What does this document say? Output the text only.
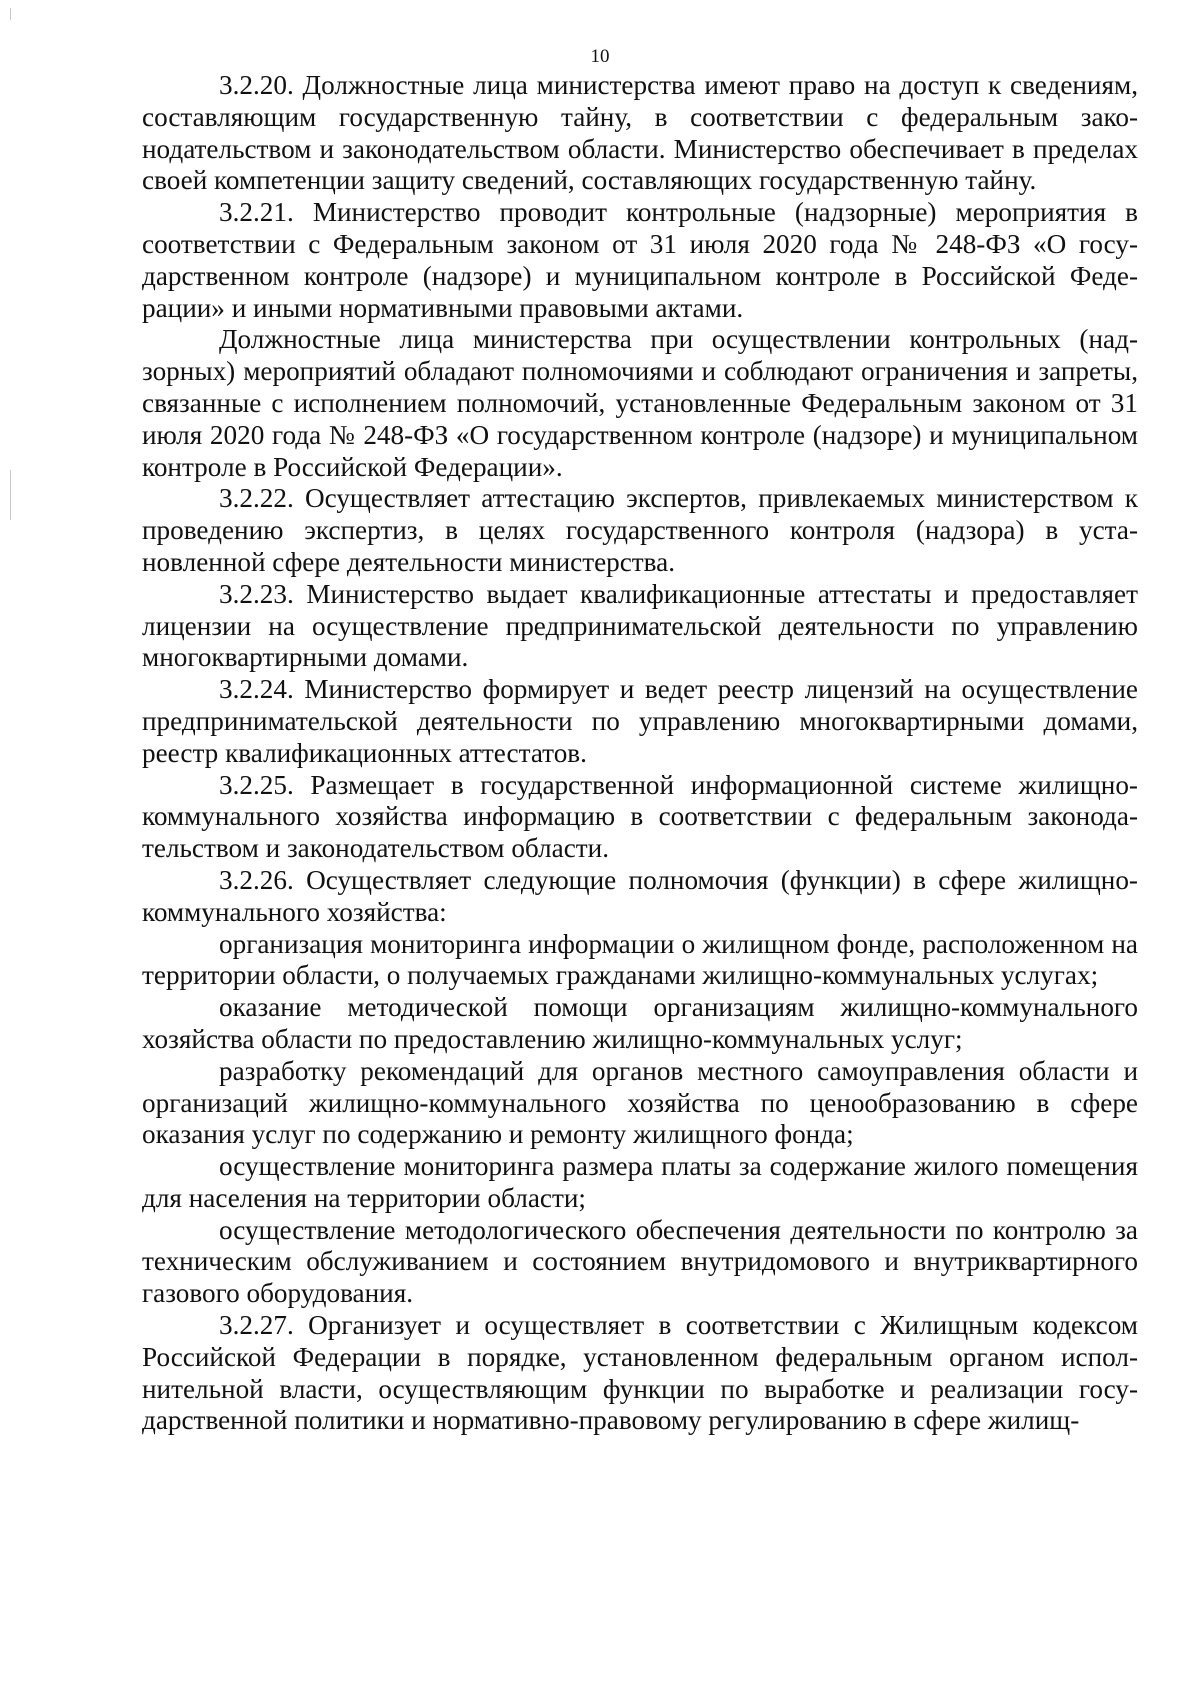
10

3.2.20. Должностные лица министерства имеют право на доступ к сведениям, составляющим государственную тайну, в соответствии с федеральным законодательством и законодательством области. Министерство обеспечивает в пределах своей компетенции защиту сведений, составляющих государственную тайну.

3.2.21. Министерство проводит контрольные (надзорные) мероприятия в соответствии с Федеральным законом от 31 июля 2020 года № 248-ФЗ «О государственном контроле (надзоре) и муниципальном контроле в Российской Федерации» и иными нормативными правовыми актами.

Должностные лица министерства при осуществлении контрольных (надзорных) мероприятий обладают полномочиями и соблюдают ограничения и запреты, связанные с исполнением полномочий, установленные Федеральным законом от 31 июля 2020 года № 248-ФЗ «О государственном контроле (надзоре) и муниципальном контроле в Российской Федерации».

3.2.22. Осуществляет аттестацию экспертов, привлекаемых министерством к проведению экспертиз, в целях государственного контроля (надзора) в установленной сфере деятельности министерства.

3.2.23. Министерство выдает квалификационные аттестаты и предоставляет лицензии на осуществление предпринимательской деятельности по управлению многоквартирными домами.

3.2.24. Министерство формирует и ведет реестр лицензий на осуществление предпринимательской деятельности по управлению многоквартирными домами, реестр квалификационных аттестатов.

3.2.25. Размещает в государственной информационной системе жилищно-коммунального хозяйства информацию в соответствии с федеральным законодательством и законодательством области.

3.2.26. Осуществляет следующие полномочия (функции) в сфере жилищно-коммунального хозяйства:

организация мониторинга информации о жилищном фонде, расположенном на территории области, о получаемых гражданами жилищно-коммунальных услугах;

оказание методической помощи организациям жилищно-коммунального хозяйства области по предоставлению жилищно-коммунальных услуг;

разработку рекомендаций для органов местного самоуправления области и организаций жилищно-коммунального хозяйства по ценообразованию в сфере оказания услуг по содержанию и ремонту жилищного фонда;

осуществление мониторинга размера платы за содержание жилого помещения для населения на территории области;

осуществление методологического обеспечения деятельности по контролю за техническим обслуживанием и состоянием внутридомового и внутриквартирного газового оборудования.

3.2.27. Организует и осуществляет в соответствии с Жилищным кодексом Российской Федерации в порядке, установленном федеральным органом исполнительной власти, осуществляющим функции по выработке и реализации государственной политики и нормативно-правовому регулированию в сфере жилищ-
